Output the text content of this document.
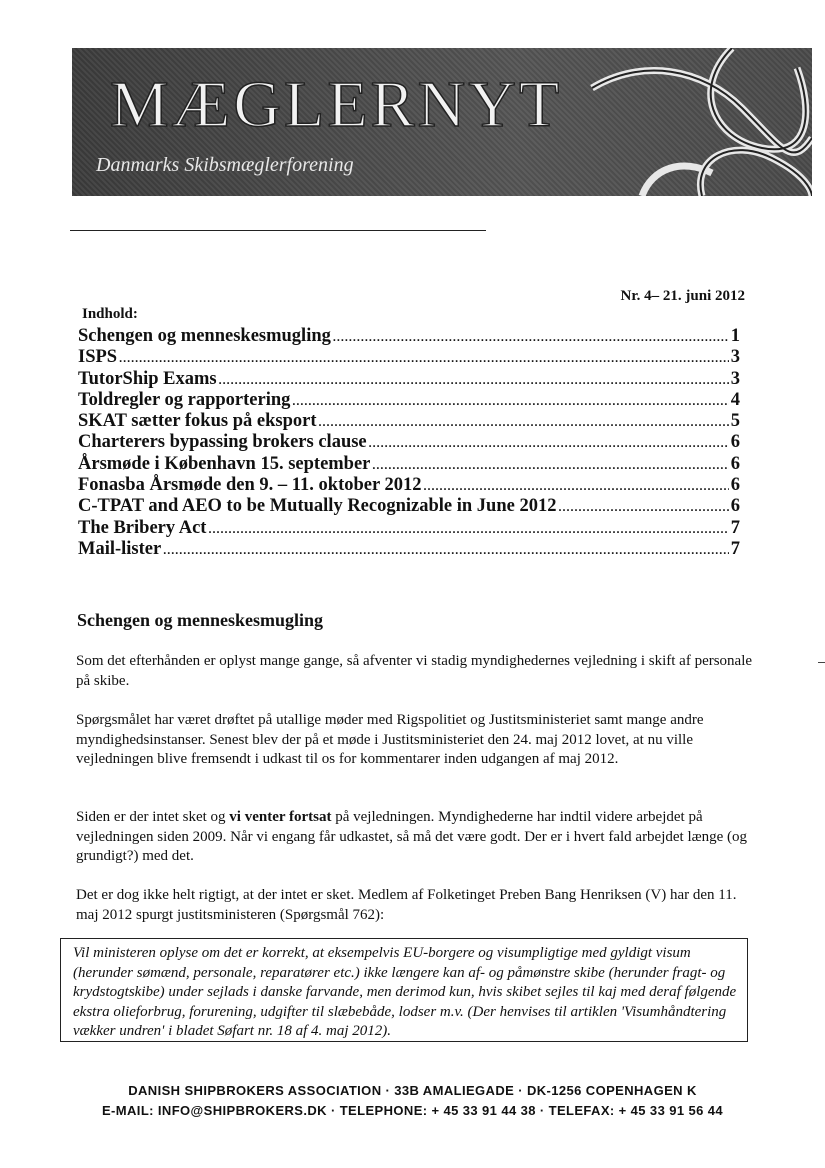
MÆGLERNYT
Danmarks Skibsmæglerforening
Nr. 4– 21. juni 2012
Indhold:
Schengen og menneskesmugling .....	1
ISPS .....	3
TutorShip Exams .....	3
Toldregler og rapportering .....	4
SKAT sætter fokus på eksport .....	5
Charterers bypassing brokers clause .....	6
Årsmøde i København 15. september .....	6
Fonasba Årsmøde den 9. – 11. oktober 2012 .....	6
C-TPAT and AEO to be Mutually Recognizable in June 2012 .....	6
The Bribery Act .....	7
Mail-lister .....	7
Schengen og menneskesmugling
Som det efterhånden er oplyst mange gange, så afventer vi stadig myndighedernes vejledning i skift af personale på skibe.
Spørgsmålet har været drøftet på utallige møder med Rigspolitiet og Justitsministeriet samt mange andre myndighedsinstanser. Senest blev der på et møde i Justitsministeriet den 24. maj 2012 lovet, at nu ville vejledningen blive fremsendt i udkast til os for kommentarer inden udgangen af maj 2012.
Siden er der intet sket og vi venter fortsat på vejledningen. Myndighederne har indtil videre arbejdet på vejledningen siden 2009. Når vi engang får udkastet, så må det være godt. Der er i hvert fald arbejdet længe (og grundigt?) med det.
Det er dog ikke helt rigtigt, at der intet er sket. Medlem af Folketinget Preben Bang Henriksen (V) har den 11. maj 2012 spurgt justitsministeren (Spørgsmål 762):
Vil ministeren oplyse om det er korrekt, at eksempelvis EU-borgere og visumpligtige med gyldigt visum (herunder sømænd, personale, reparatører etc.) ikke længere kan af- og påmønstre skibe (herunder fragt- og krydstogtskibe) under sejlads i danske farvande, men derimod kun, hvis skibet sejles til kaj med deraf følgende ekstra olieforbrug, forurening, udgifter til slæbebåde, lodser m.v. (Der henvises til artiklen 'Visumhåndtering vækker undren' i bladet Søfart nr. 18 af 4. maj 2012).
DANISH SHIPBROKERS ASSOCIATION · 33B AMALIEGADE · DK-1256 COPENHAGEN K
E-MAIL: INFO@SHIPBROKERS.DK · TELEPHONE: + 45 33 91 44 38 · TELEFAX: + 45 33 91 56 44
